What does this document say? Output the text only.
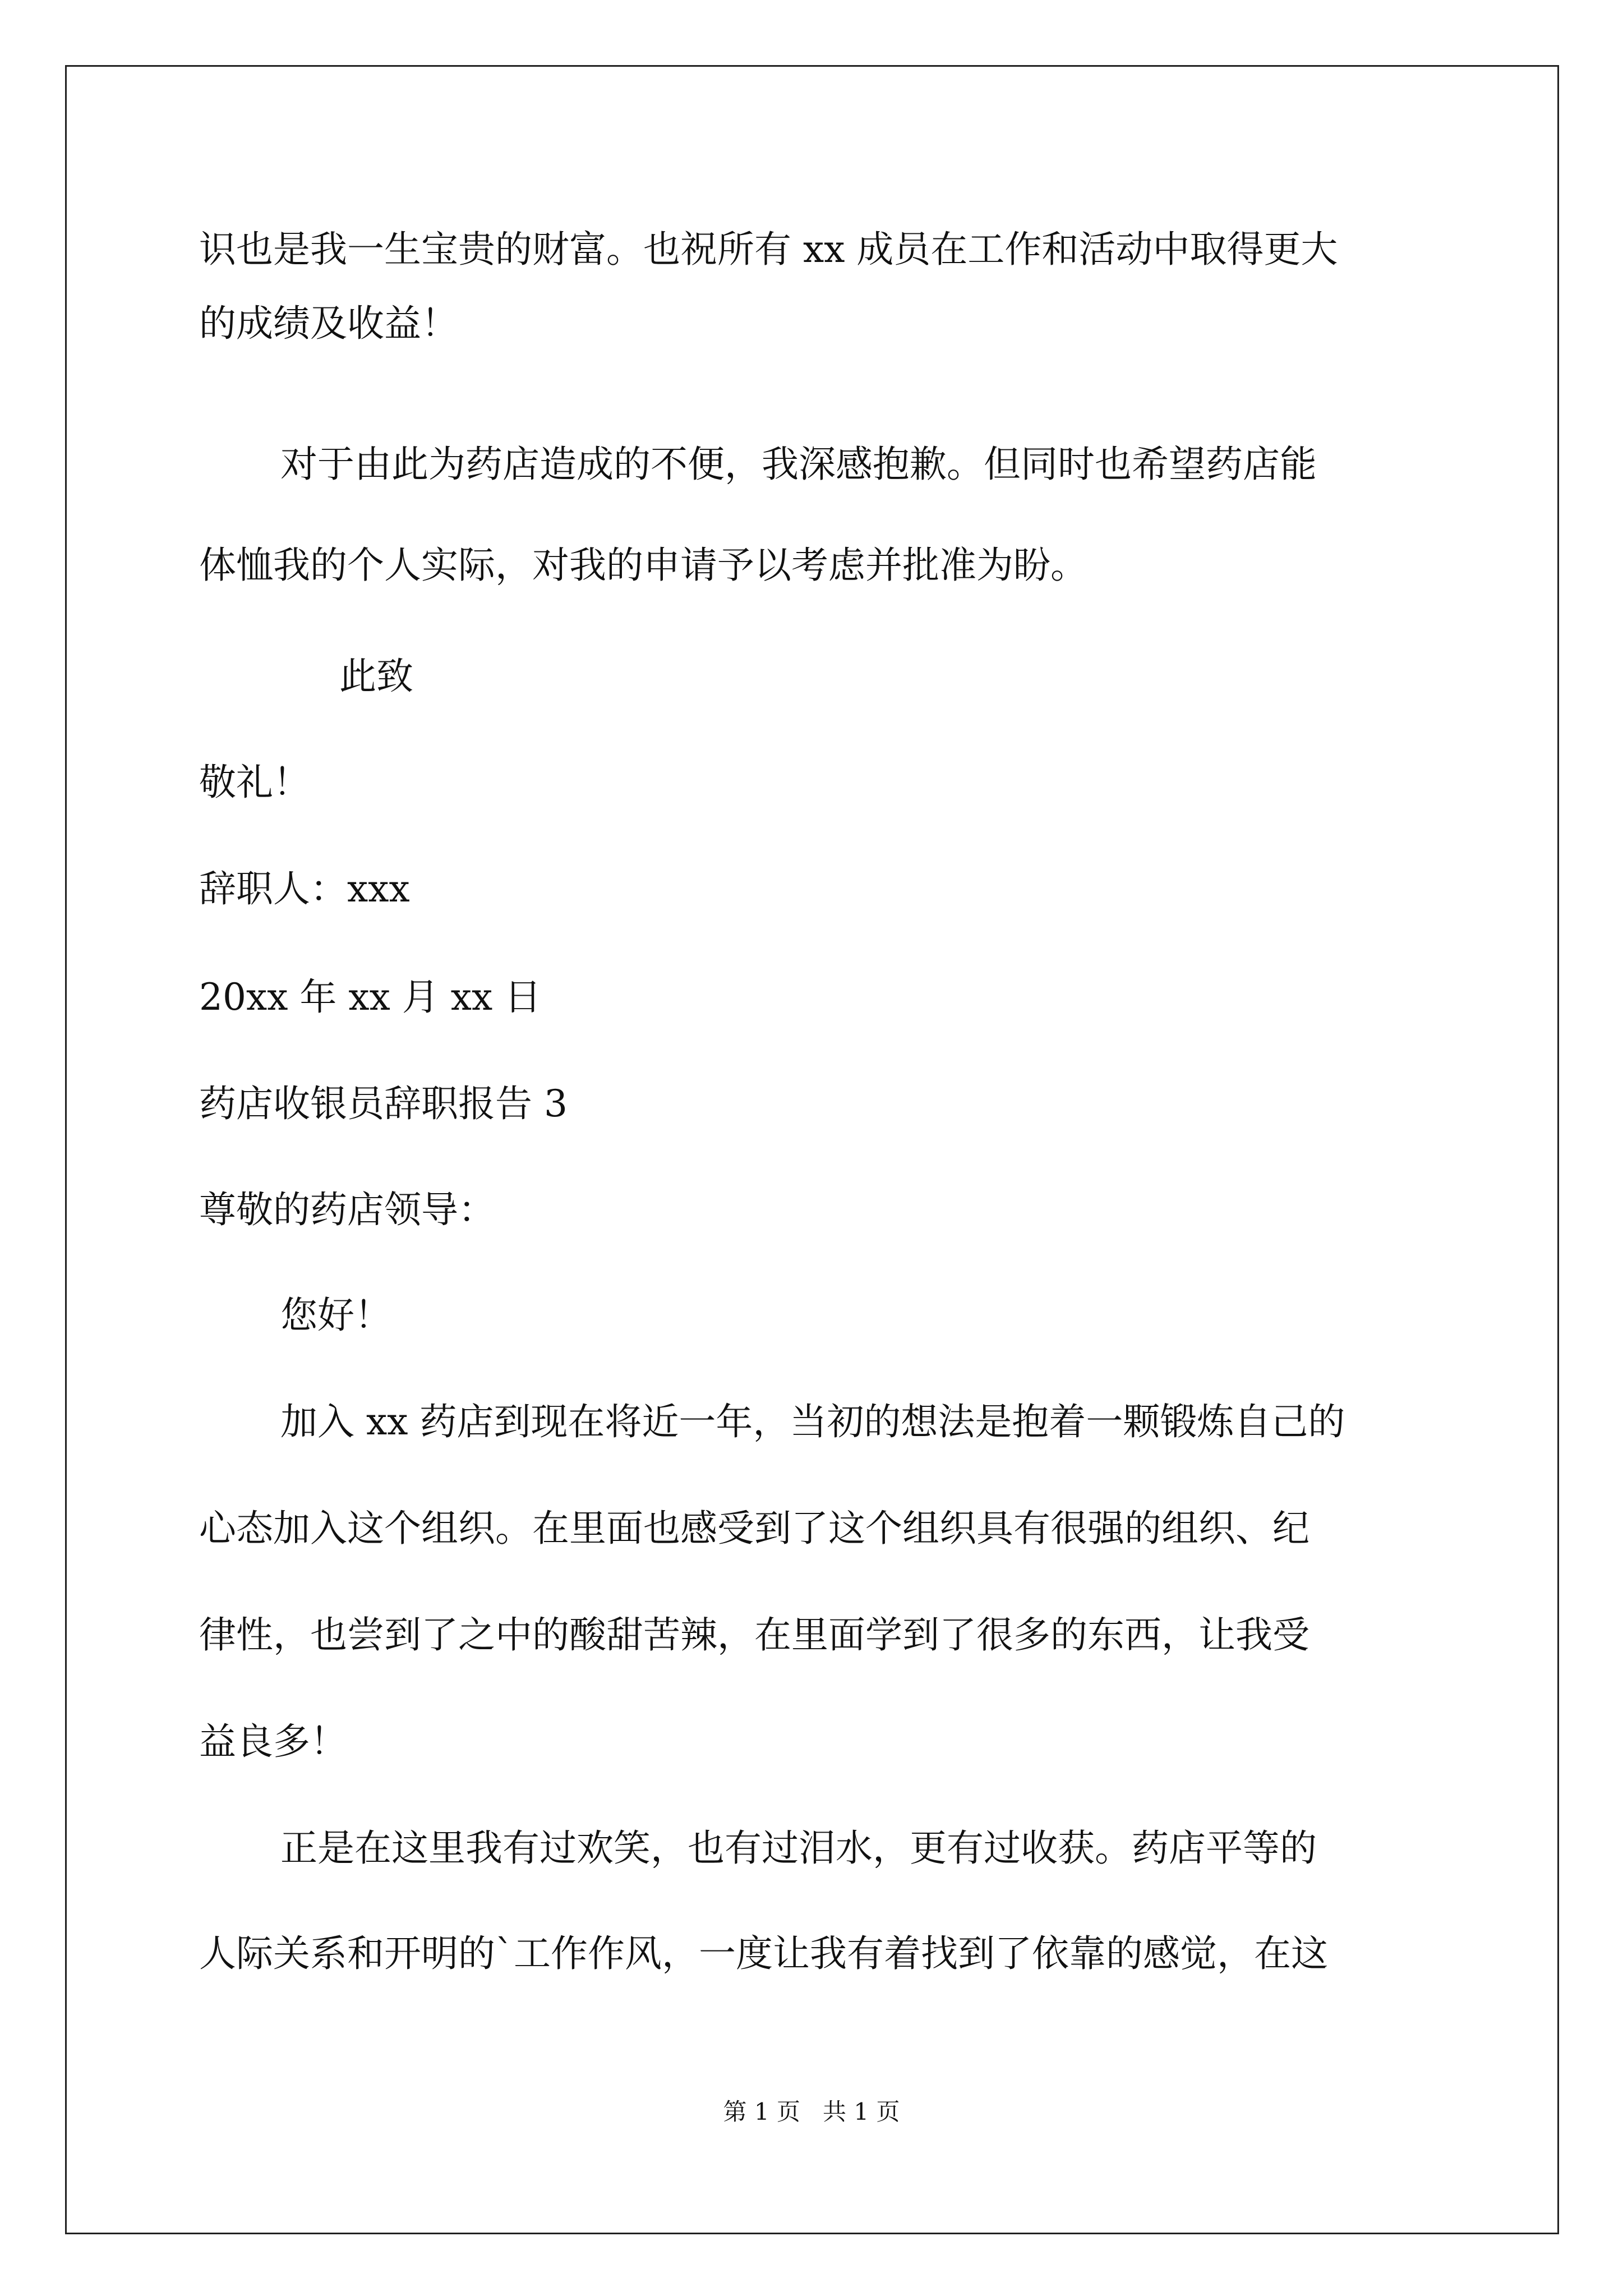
识也是我一生宝贵的财富。也祝所有 xx 成员在工作和活动中取得更大
的成绩及收益！
对于由此为药店造成的不便，我深感抱歉。但同时也希望药店能
体恤我的个人实际，对我的申请予以考虑并批准为盼。
此致
敬礼！
辞职人：xxx
20xx 年 xx 月 xx 日
药店收银员辞职报告 3
尊敬的药店领导：
您好！
加入 xx 药店到现在将近一年，当初的想法是抱着一颗锻炼自己的
心态加入这个组织。在里面也感受到了这个组织具有很强的组织、纪
律性，也尝到了之中的酸甜苦辣，在里面学到了很多的东西，让我受
益良多！
正是在这里我有过欢笑，也有过泪水，更有过收获。药店平等的
人际关系和开明的`工作作风，一度让我有着找到了依靠的感觉，在这
第 1 页   共 1 页
